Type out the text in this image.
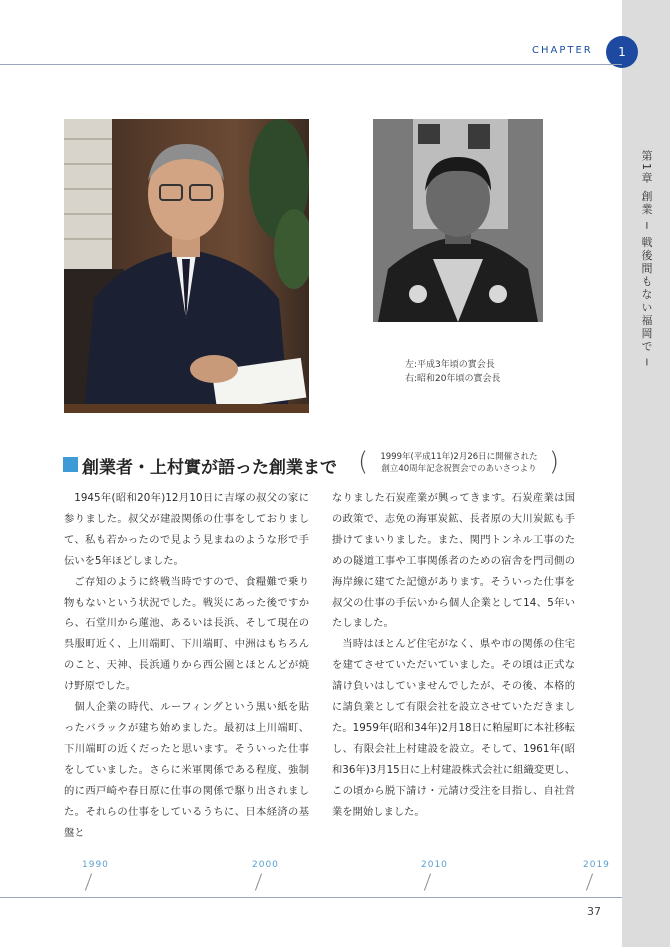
第1章 創業 ─ 戦後間もない福岡で ─
CHAPTER	1
左:平成3年頃の實会長
右:昭和20年頃の實会長
創業者・上村實が語った創業まで (	1999年(平成11年)2月26日に開催された
創立40周年記念祝賀会でのあいさつより )

1945年(昭和20年)12月10日に吉塚の叔父の家に参りました。叔父が建設関係の仕事をしておりまして、私も若かったので見よう見まねのような形で手伝いを5年ほどしました。

ご存知のように終戦当時ですので、食糧難で乗り物もないという状況でした。戦災にあった後ですから、石堂川から蓮池、あるいは長浜、そして現在の呉服町近く、上川端町、下川端町、中洲はもちろんのこと、天神、長浜通りから西公園とほとんどが焼け野原でした。

個人企業の時代、ルーフィングという黒い紙を貼ったバラックが建ち始めました。最初は上川端町、下川端町の近くだったと思います。そういった仕事をしていました。さらに米軍関係である程度、強制的に西戸崎や春日原に仕事の関係で駆り出されました。それらの仕事をしているうちに、日本経済の基盤と

なりました石炭産業が興ってきます。石炭産業は国の政策で、志免の海軍炭鉱、長者原の大川炭鉱も手掛けてまいりました。また、関門トンネル工事のための隧道工事や工事関係者のための宿舎を門司側の海岸線に建てた記憶があります。そういった仕事を叔父の仕事の手伝いから個人企業として14、5年いたしました。

当時はほとんど住宅がなく、県や市の関係の住宅を建てさせていただいていました。その頃は正式な請け負いはしていませんでしたが、その後、本格的に請負業として有限会社を設立させていただきました。1959年(昭和34年)2月18日に粕屋町に本社移転し、有限会社上村建設を設立。そして、1961年(昭和36年)3月15日に上村建設株式会社に組織変更し、この頃から脱下請け・元請け受注を目指し、自社営業を開始しました。

1990	2000	2010	2019
37
